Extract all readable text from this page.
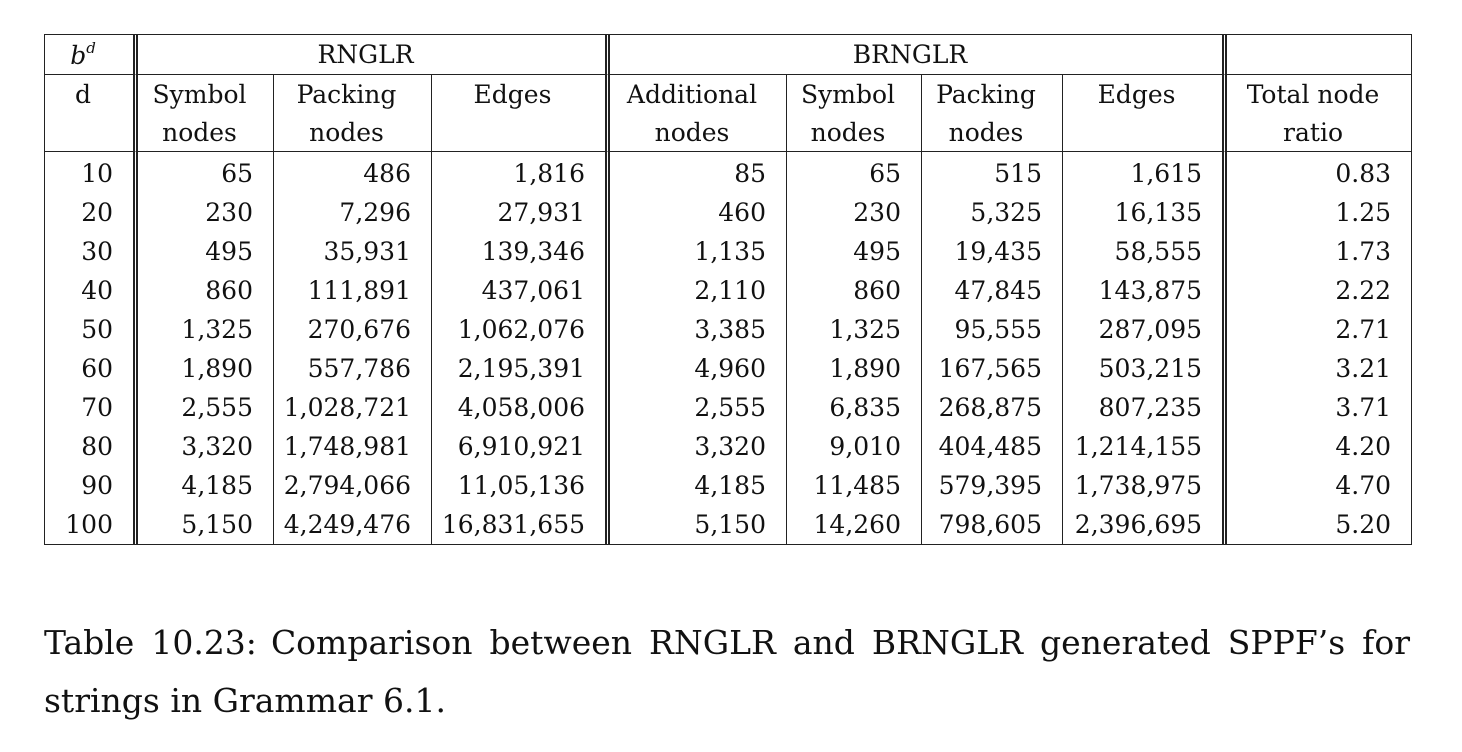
$b^d$	RNGLR			BRNGLR				
d	Symbol	Packing	Edges	Additional	Symbol	Packing	Edges	Total node
	nodes	nodes		nodes	nodes	nodes		ratio
10	65	486	1,816	85	65	515	1,615	0.83
20	230	7,296	27,931	460	230	5,325	16,135	1.25
30	495	35,931	139,346	1,135	495	19,435	58,555	1.73
40	860	111,891	437,061	2,110	860	47,845	143,875	2.22
50	1,325	270,676	1,062,076	3,385	1,325	95,555	287,095	2.71
60	1,890	557,786	2,195,391	4,960	1,890	167,565	503,215	3.21
70	2,555	1,028,721	4,058,006	2,555	6,835	268,875	807,235	3.71
80	3,320	1,748,981	6,910,921	3,320	9,010	404,485	1,214,155	4.20
90	4,185	2,794,066	11,05,136	4,185	11,485	579,395	1,738,975	4.70
100	5,150	4,249,476	16,831,655	5,150	14,260	798,605	2,396,695	5.20
Table 10.23: Comparison between RNGLR and BRNGLR generated SPPF’s for strings in Grammar 6.1.
